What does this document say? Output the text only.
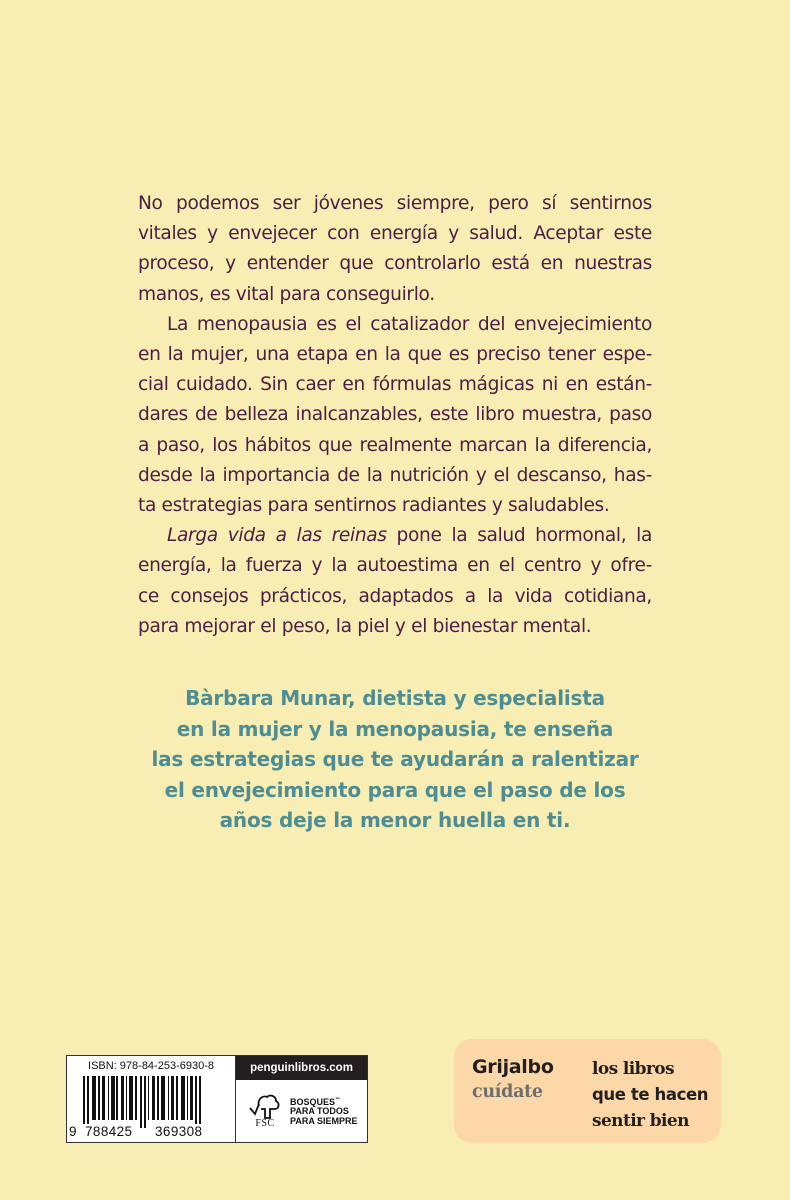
No podemos ser jóvenes siempre, pero sí sentirnos
vitales y envejecer con energía y salud. Aceptar este
proceso, y entender que controlarlo está en nuestras
manos, es vital para conseguirlo.

La menopausia es el catalizador del envejecimiento
en la mujer, una etapa en la que es preciso tener espe-
cial cuidado. Sin caer en fórmulas mágicas ni en están-
dares de belleza inalcanzables, este libro muestra, paso
a paso, los hábitos que realmente marcan la diferencia,
desde la importancia de la nutrición y el descanso, has-
ta estrategias para sentirnos radiantes y saludables.

Larga vida a las reinas pone la salud hormonal, la
energía, la fuerza y la autoestima en el centro y ofre-
ce consejos prácticos, adaptados a la vida cotidiana,
para mejorar el peso, la piel y el bienestar mental.

Bàrbara Munar, dietista y especialista
en la mujer y la menopausia, te enseña
las estrategias que te ayudarán a ralentizar
el envejecimiento para que el paso de los
años deje la menor huella en ti.
ISBN: 978-84-253-6930-8
9 788425 369308
penguinlibros.com
FSC
BOSQUES™
PARA TODOS
PARA SIEMPRE
Grijalbo
cuídate
los libros
que te hacen
sentir bien
